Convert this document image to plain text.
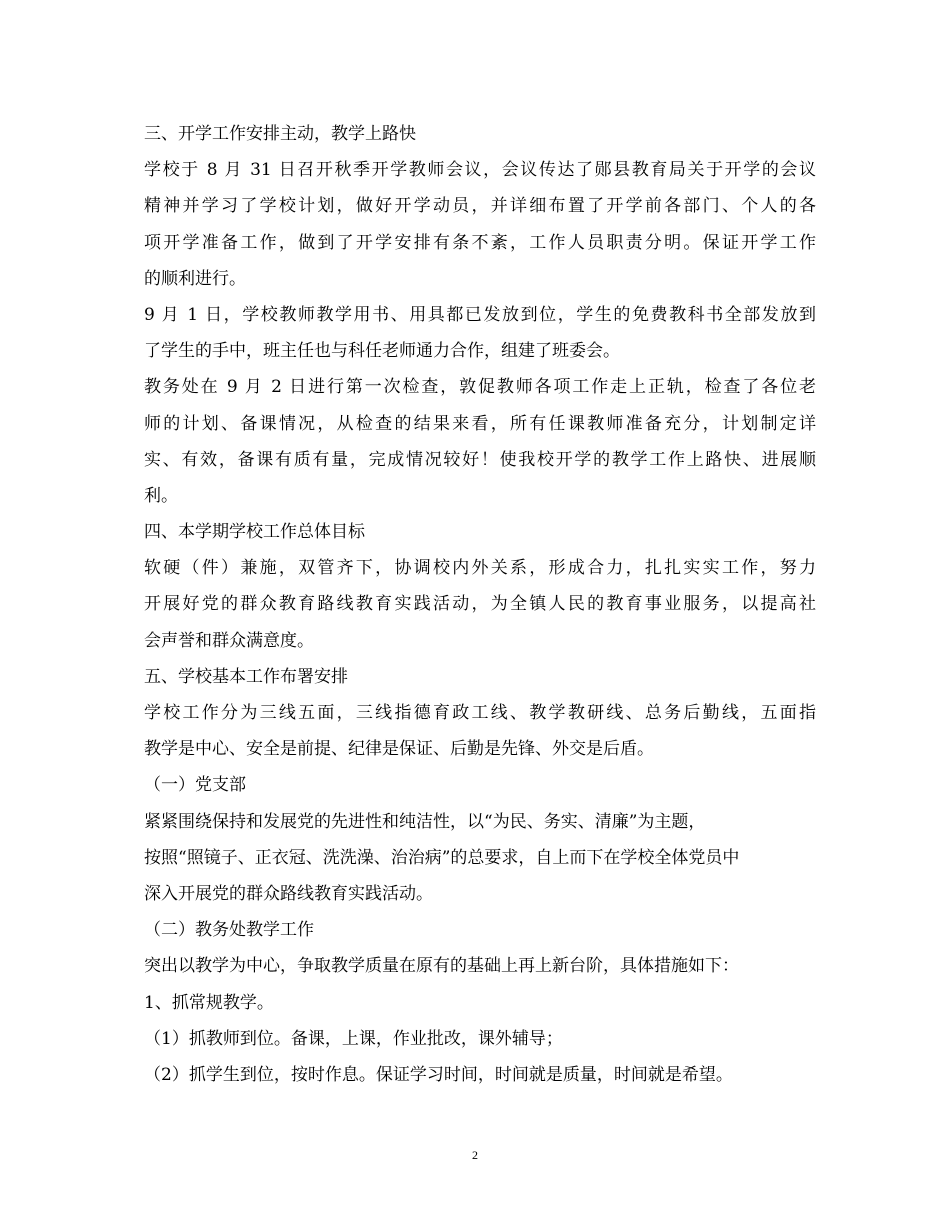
三、开学工作安排主动，教学上路快
学校于 8 月 31 日召开秋季开学教师会议，会议传达了郧县教育局关于开学的会议
精神并学习了学校计划，做好开学动员，并详细布置了开学前各部门、个人的各
项开学准备工作，做到了开学安排有条不紊，工作人员职责分明。保证开学工作
的顺利进行。
9 月 1 日，学校教师教学用书、用具都已发放到位，学生的免费教科书全部发放到
了学生的手中，班主任也与科任老师通力合作，组建了班委会。
教务处在 9 月 2 日进行第一次检查，敦促教师各项工作走上正轨，检查了各位老
师的计划、备课情况，从检查的结果来看，所有任课教师准备充分，计划制定详
实、有效，备课有质有量，完成情况较好！使我校开学的教学工作上路快、进展顺
利。
四、本学期学校工作总体目标
软硬（件）兼施，双管齐下，协调校内外关系，形成合力，扎扎实实工作，努力
开展好党的群众教育路线教育实践活动，为全镇人民的教育事业服务，以提高社
会声誉和群众满意度。
五、学校基本工作布署安排
学校工作分为三线五面，三线指德育政工线、教学教研线、总务后勤线，五面指
教学是中心、安全是前提、纪律是保证、后勤是先锋、外交是后盾。
（一）党支部
紧紧围绕保持和发展党的先进性和纯洁性，以“为民、务实、清廉”为主题，
按照“照镜子、正衣冠、洗洗澡、治治病”的总要求，自上而下在学校全体党员中
深入开展党的群众路线教育实践活动。
（二）教务处教学工作
突出以教学为中心，争取教学质量在原有的基础上再上新台阶，具体措施如下：
1、抓常规教学。
（1）抓教师到位。备课，上课，作业批改，课外辅导；
（2）抓学生到位，按时作息。保证学习时间，时间就是质量，时间就是希望。
2
